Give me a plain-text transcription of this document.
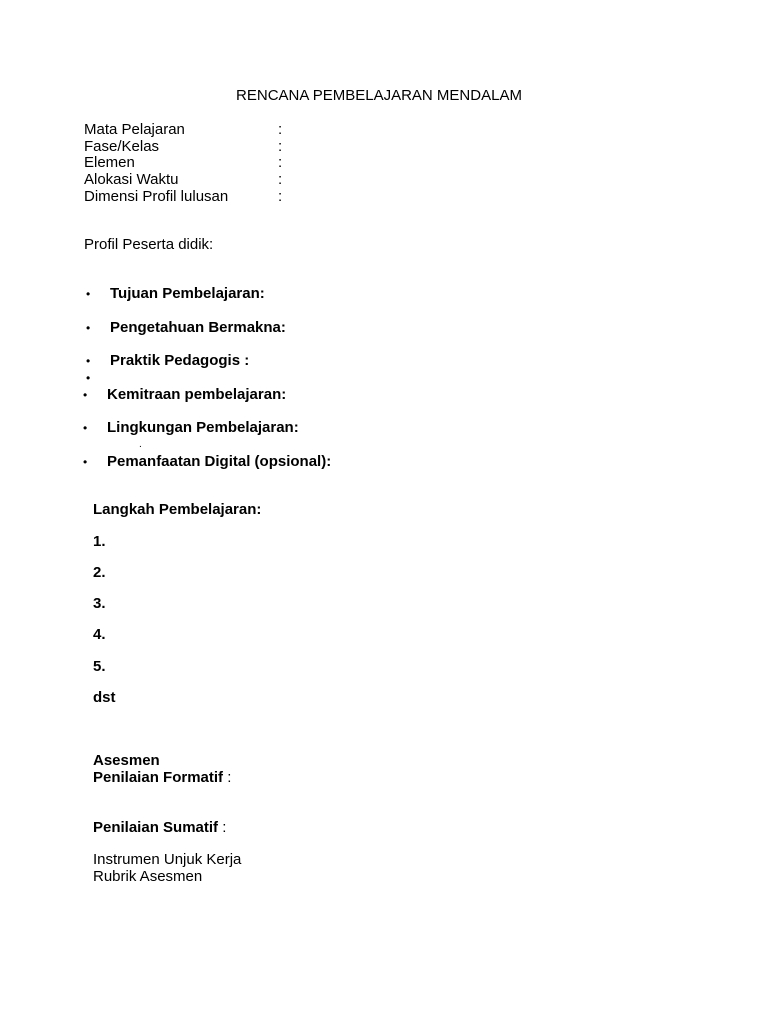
RENCANA PEMBELAJARAN MENDALAM
Mata Pelajaran	:
Fase/Kelas	:
Elemen	:
Alokasi Waktu	:
Dimensi Profil lulusan	:
Profil Peserta didik:
• Tujuan Pembelajaran:
• Pengetahuan Bermakna:
• Praktik Pedagogis :
•
• Kemitraan pembelajaran:
• Lingkungan Pembelajaran:
.
• Pemanfaatan Digital (opsional):
Langkah Pembelajaran:
1.
2.
3.
4.
5.
dst
Asesmen
Penilaian Formatif :
Penilaian Sumatif :
Instrumen Unjuk Kerja
Rubrik Asesmen
